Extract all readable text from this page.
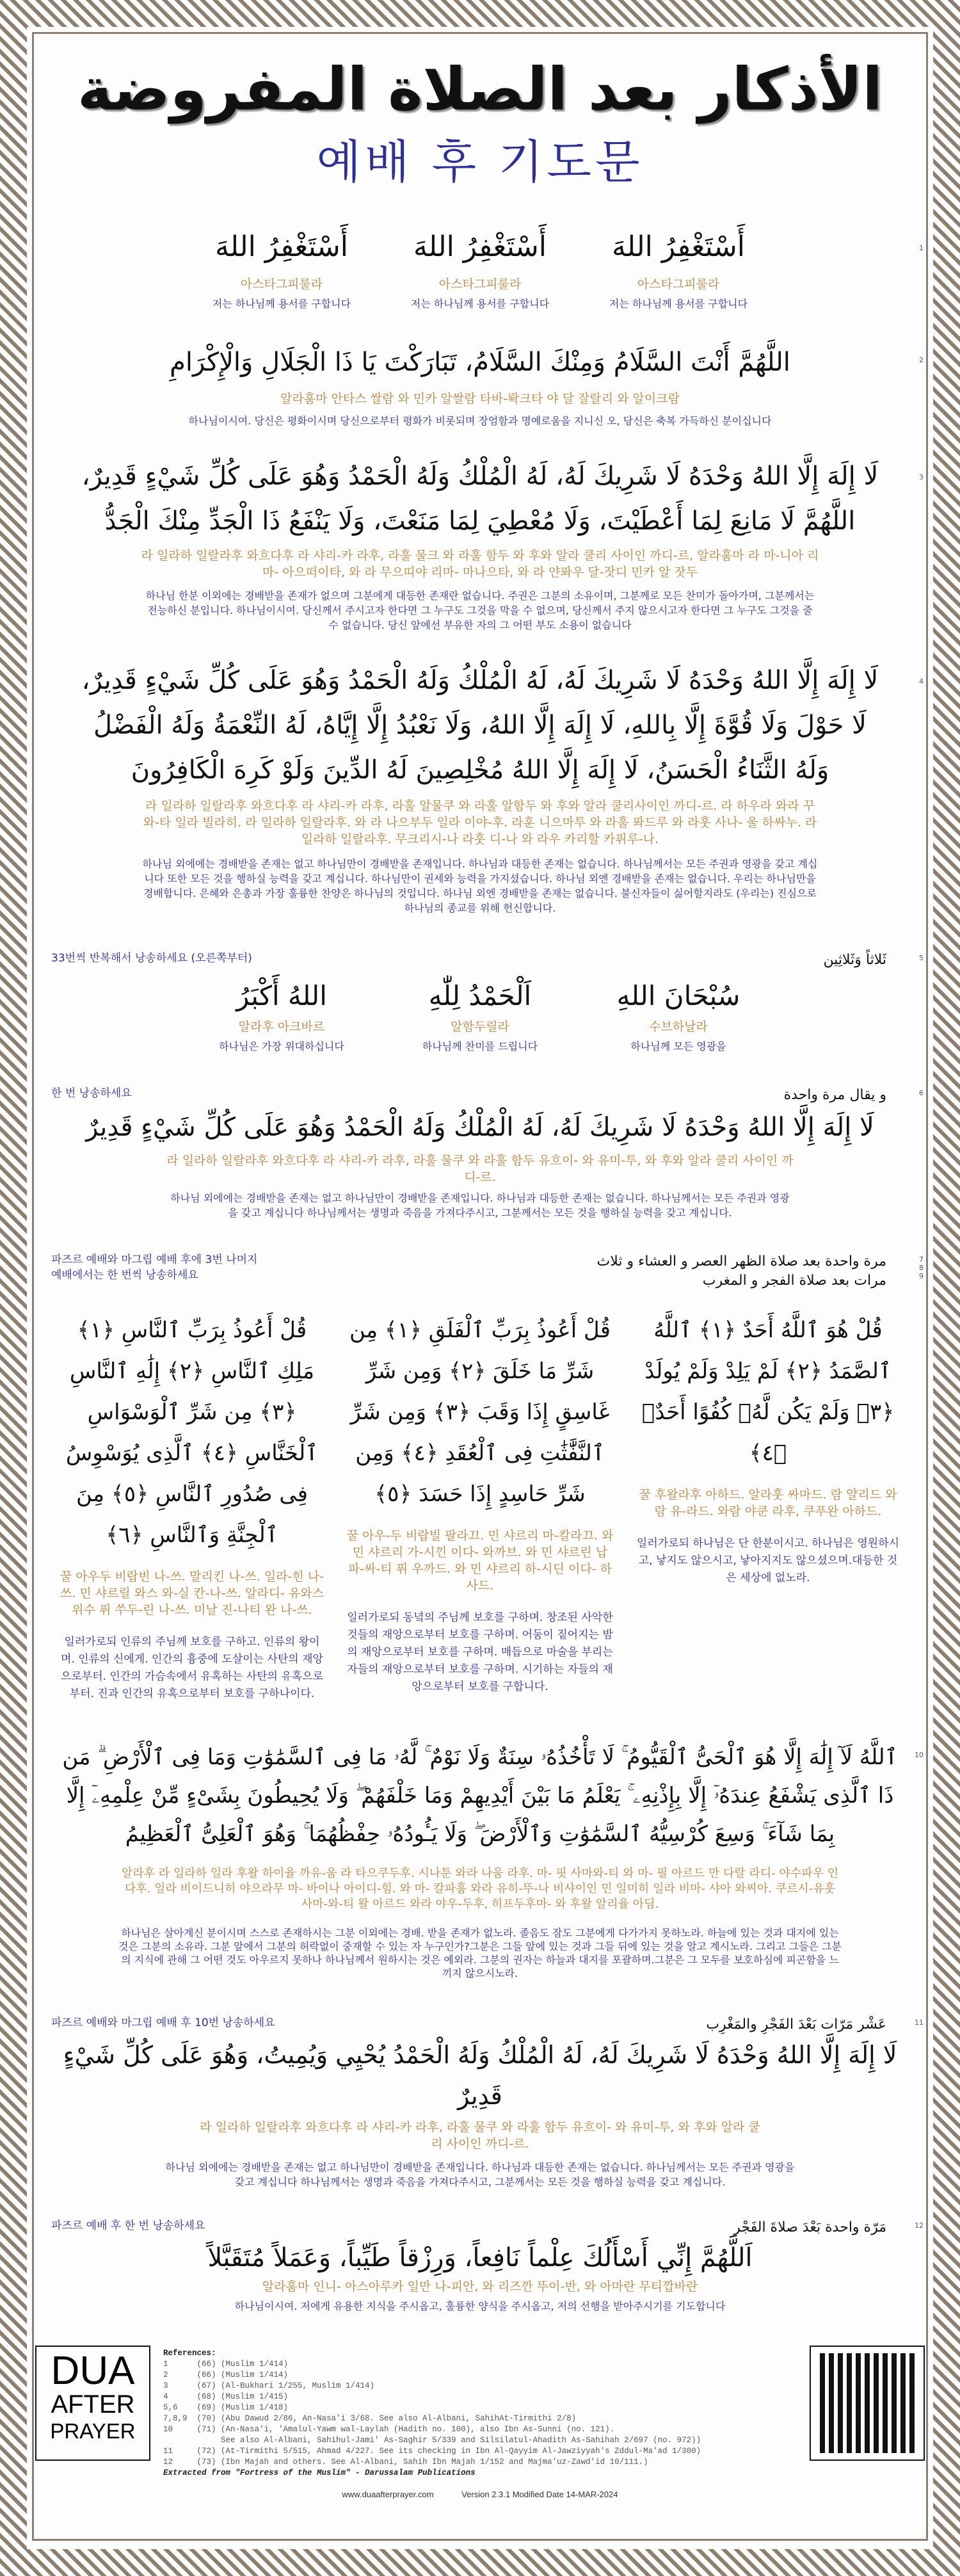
الأذكار بعد الصلاة المفروضة
예배 후 기도문
1
أَسْتَغْفِرُ اللهَ
아스타그피룰라
저는 하나님께 용서를 구합니다
أَسْتَغْفِرُ اللهَ
아스타그피룰라
저는 하나님께 용서를 구합니다
أَسْتَغْفِرُ اللهَ
아스타그피룰라
저는 하나님께 용서를 구합니다
2
اللَّهُمَّ أَنْتَ السَّلَامُ وَمِنْكَ السَّلَامُ، تَبَارَكْتَ يَا ذَا الْجَلَالِ وَالْإِكْرَامِ
알라훔마 안타스 쌀람 와 민카 알쌀람 타바-롹크타 야 달 잘랄리 와 알이크람
하나님이시여. 당신은 평화이시며 당신으로부터 평화가 비롯되며 장엄함과 명예로움을 지니신 오, 당신은 축복 가득하신 분이십니다
3
لَا إِلَهَ إِلَّا اللهُ وَحْدَهُ لَا شَرِيكَ لَهُ، لَهُ الْمُلْكُ وَلَهُ الْحَمْدُ وَهُوَ عَلَى كُلِّ شَيْءٍ قَدِيرٌ،
اللَّهُمَّ لَا مَانِعَ لِمَا أَعْطَيْتَ، وَلَا مُعْطِيَ لِمَا مَنَعْتَ، وَلَا يَنْفَعُ ذَا الْجَدِّ مِنْكَ الْجَدُّ
라 일라하 일랄라후 와흐다후 라 샤리-카 라후, 라훌 물크 와 라훌 함두 와 후와 알라 쿨리 사이인 까디-르, 알라훔마 라 마-니아 리마- 아으떠이타, 와 라 무으띠야 리마- 마나으타, 와 라 얀퐈우 달-잣디 민카 알 잣두
하나님 한분 이외에는 경배받을 존재가 없으며 그분에게 대등한 존재란 없습니다. 주권은 그분의 소유이며, 그분께로 모든 찬미가 돌아가며, 그분께서는 전능하신 분입니다. 하나님이시여. 당신께서 주시고자 한다면 그 누구도 그것을 막을 수 없으며, 당신께서 주지 않으시고자 한다면 그 누구도 그것을 줄 수 없습니다. 당신 앞에선 부유한 자의 그 어떤 부도 소용이 없습니다
4
لَا إِلَهَ إِلَّا اللهُ وَحْدَهُ لَا شَرِيكَ لَهُ، لَهُ الْمُلْكُ وَلَهُ الْحَمْدُ وَهُوَ عَلَى كُلِّ شَيْءٍ قَدِيرٌ،
لَا حَوْلَ وَلَا قُوَّةَ إِلَّا بِاللهِ، لَا إِلَهَ إِلَّا اللهُ، وَلَا نَعْبُدُ إِلَّا إِيَّاهُ، لَهُ النِّعْمَةُ وَلَهُ الْفَضْلُ
وَلَهُ الثَّنَاءُ الْحَسَنُ، لَا إِلَهَ إِلَّا اللهُ مُخْلِصِينَ لَهُ الدِّينَ وَلَوْ كَرِهَ الْكَافِرُونَ
라 일라하 일랄라후 와흐다후 라 샤리-카 라후, 라훌 알물쿠 와 라훌 알함두 와 후와 알라 쿨리사이인 까디-르. 라 하우라 와라 꾸와-타 일라 빌라히. 라 일라하 일랄라후. 와 라 나으부두 일라 이야-후. 라훈 니으마투 와 라훌 퐈드루 와 라훗 사나- 울 하싸누. 라 일라하 일랄라후. 무크리시-나 라훗 디-나 와 라우 카리할 카퓌루-나.
하나님 외에에는 경배받을 존재는 없고 하나님만이 경배받을 존재입니다. 하나님과 대등한 존재는 없습니다. 하나님께서는 모든 주권과 영광을 갖고 계십니다 또한 모든 것을 행하실 능력을 갖고 계십니다. 하나님만이 권세와 능력을 가지셨습니다. 하나님 외엔 경배받을 존재는 없습니다. 우리는 하나님만을 경배합니다. 은혜와 은총과 가장 훌륭한 찬양은 하나님의 것입니다. 하나님 외엔 경배받을 존재는 없습니다. 불신자들이 싫어할지라도 (우리는) 진심으로 하나님의 종교를 위해 헌신합니다.
5
33번씩 반복해서 낭송하세요 (오른쪽부터)	ثَلاثاً وَثَلاثِين
سُبْحَانَ اللهِ
수브하날라
하나님께 모든 영광을
اَلْحَمْدُ لِلّٰهِ
알함두릴라
하나님께 찬미를 드립니다
اللهُ أَكْبَرُ
알라후 아크바르
하나님은 가장 위대하십니다
6
한 번 낭송하세요	و يقال مرة واحدة
لَا إِلَهَ إِلَّا اللهُ وَحْدَهُ لَا شَرِيكَ لَهُ، لَهُ الْمُلْكُ وَلَهُ الْحَمْدُ وَهُوَ عَلَى كُلِّ شَيْءٍ قَدِيرٌ
라 일라하 일랄라후 와흐다후 라 샤리-카 라후, 라훌 물쿠 와 라훌 함두 유흐이- 와 유미-투, 와 후와 알라 쿨리 사이인 까디-르.
하나님 외에에는 경배받을 존재는 없고 하나님만이 경배받을 존재입니다. 하나님과 대등한 존재는 없습니다. 하나님께서는 모든 주권과 영광을 갖고 계십니다 하나님께서는 생명과 죽음을 가져다주시고, 그분께서는 모든 것을 행하실 능력을 갖고 계십니다.
7
8
9
파즈르 예배와 마그립 예배 후에 3번 나머지
예배에서는 한 번씩 낭송하세요
مرة واحدة بعد صلاة الظهر العصر و العشاء و ثلاث
مرات بعد صلاة الفجر و المغرب
قُلْ هُوَ ٱللَّهُ أَحَدٌ ﴿١﴾ ٱللَّهُ ٱلصَّمَدُ ﴿٢﴾ لَمْ يَلِدْ وَلَمْ يُولَدْ ﴿٣﴾ وَلَمْ يَكُن لَّهُۥ كُفُوًا أَحَدٌۢ ﴿٤﴾
꿀 후왈라후 아하드. 알라훗 싸마드. 람 얄리드 와람 유-라드. 와람 야쿤 라후, 쿠푸완 아하드.
일러가로되 하나님은 단 한분이시고. 하나님은 영원하시고, 낳지도 않으시고, 낳아지지도 않으셨으며.대등한 것은 세상에 없노라.
قُلْ أَعُوذُ بِرَبِّ ٱلْفَلَقِ ﴿١﴾ مِن شَرِّ مَا خَلَقَ ﴿٢﴾ وَمِن شَرِّ غَاسِقٍ إِذَا وَقَبَ ﴿٣﴾ وَمِن شَرِّ ٱلنَّفَّٰثَٰتِ فِى ٱلْعُقَدِ ﴿٤﴾ وَمِن شَرِّ حَاسِدٍ إِذَا حَسَدَ ﴿٥﴾
꿀 아우-두 비랍빌 팔라끄. 민 샤르리 마-칼라끄. 와 민 샤르리 가-시낀 이다- 와까브. 와 민 샤르린 납파-싸-티 퓌 우까드. 와 민 샤르리 하-시딘 이다- 하사드.
일러가로되 동녘의 주님께 보호를 구하며. 창조된 사악한 것들의 재앙으로부터 보호를 구하며. 어둠이 짙어지는 밤의 재앙으로부터 보호를 구하며. 매듭으로 마술을 부리는 자들의 재앙으로부터 보호를 구하며. 시기하는 자들의 재앙으로부터 보호를 구합니다.
قُلْ أَعُوذُ بِرَبِّ ٱلنَّاسِ ﴿١﴾ مَلِكِ ٱلنَّاسِ ﴿٢﴾ إِلَٰهِ ٱلنَّاسِ ﴿٣﴾ مِن شَرِّ ٱلْوَسْوَاسِ ٱلْخَنَّاسِ ﴿٤﴾ ٱلَّذِى يُوَسْوِسُ فِى صُدُورِ ٱلنَّاسِ ﴿٥﴾ مِنَ ٱلْجِنَّةِ وَٱلنَّاسِ ﴿٦﴾
꿀 아우두 비랍빈 나-쓰. 말리킨 나-쓰. 일라-힌 나-쓰. 민 샤르릴 와스 와-실 칸-나-쓰. 알라디- 유와스위수 퓌 쑤두-린 나-쓰. 미날 진-나티 완 나-쓰.
일러가로되 인류의 주님께 보호를 구하고. 인류의 왕이며. 인류의 신에게. 인간의 흉중에 도살이는 사탄의 재앙으로부터. 인간의 가슴속에서 유혹하는 사탄의 유혹으로부터. 진과 인간의 유혹으로부터 보호를 구하나이다.
10
ٱللَّهُ لَآ إِلَٰهَ إِلَّا هُوَ ٱلْحَىُّ ٱلْقَيُّومُ ۚ لَا تَأْخُذُهُۥ سِنَةٌ وَلَا نَوْمٌ ۚ لَّهُۥ مَا فِى ٱلسَّمَٰوَٰتِ وَمَا فِى ٱلْأَرْضِ ۗ مَن ذَا ٱلَّذِى يَشْفَعُ عِندَهُۥٓ إِلَّا بِإِذْنِهِۦ ۚ يَعْلَمُ مَا بَيْنَ أَيْدِيهِمْ وَمَا خَلْفَهُمْ ۖ وَلَا يُحِيطُونَ بِشَىْءٍ مِّنْ عِلْمِهِۦٓ إِلَّا بِمَا شَآءَ ۚ وَسِعَ كُرْسِيُّهُ ٱلسَّمَٰوَٰتِ وَٱلْأَرْضَ ۖ وَلَا يَـُٔودُهُۥ حِفْظُهُمَا ۚ وَهُوَ ٱلْعَلِىُّ ٱلْعَظِيمُ
알라후 라 일라하 일라 후왈 하이율 까유-움 라 타으쿠두후. 시나툰 와라 나움 라후. 마- 핏 사마와-티 와 마- 필 아르드 만 다랄 라디- 야수파우 인다후. 일라 비이드니히 야으라무 마- 바이나 아이디-힘. 와 마- 칼파훔 와라 유히-뚜-나 비샤이인 민 일미히 일라 비마- 샤아 와씨아. 쿠르시-유훗 사마-와-티 왈 아르드 와라 야우-두후, 히프두후마- 와 후왈 알리율 아딤.
하나님은 살아계신 분이시며 스스로 존재하시는 그분 이외에는 경배. 받을 존재가 없노라. 졸음도 잠도 그분에게 다가가지 못하노라. 하늘에 있는 것과 대지에 있는 것은 그분의 소유라. 그분 앞에서 그분의 허락없이 중재할 수 있는 자 누구인가?그분은 그들 앞에 있는 것과 그들 뒤에 있는 것을 알고 계시노라. 그리고 그들은 그분의 지식에 관해 그 어떤 것도 아우르지 못하나 하나님께서 원하시는 것은 예외라. 그분의 권자는 하늘과 대지를 포괄하며.그분은 그 모두를 보호하심에 피곤함을 느끼지 않으시노라.
11
파즈르 예배와 마그립 예배 후 10번 낭송하세요	عَشْر مَرّات بَعْدَ الفَجْرِ والمَغْرِب
لَا إِلَهَ إِلَّا اللهُ وَحْدَهُ لَا شَرِيكَ لَهُ، لَهُ الْمُلْكُ وَلَهُ الْحَمْدُ يُحْيِي وَيُمِيتُ، وَهُوَ عَلَى كُلِّ شَيْءٍ قَدِيرٌ
라 일라하 일랄라후 와흐다후 라 샤리-카 라후, 라훌 물쿠 와 라훌 함두 유흐이- 와 유미-투, 와 후와 알라 쿨리 사이인 까디-르.
하나님 외에에는 경배받을 존재는 없고 하나님만이 경배받을 존재입니다. 하나님과 대등한 존재는 없습니다. 하나님께서는 모든 주권과 영광을 갖고 계십니다 하나님께서는 생명과 죽음을 가져다주시고, 그분께서는 모든 것을 행하실 능력을 갖고 계십니다.
12
파즈르 예배 후 한 번 낭송하세요	مَرّة واحدة بَعْدَ صلاةَ الفَجْر
اَللَّهُمَّ إِنِّي أَسْأَلُكَ عِلْماً نَافِعاً، وَرِزْقاً طَيِّباً، وَعَمَلاً مُتَقَبَّلاً
알라훔마 인니- 아스아루카 일만 나-피안, 와 리즈깐 뚜이-반, 와 아마란 무티깝바란
하나님이시여. 저에게 유용한 지식을 주시옵고, 훌륭한 양식을 주시옵고, 저의 선행을 받아주시기를 기도합니다
DUA
AFTER
PRAYER
References:
1      (66) (Muslim 1/414)
2      (66) (Muslim 1/414)
3      (67) (Al-Bukhari 1/255, Muslim 1/414)
4      (68) (Muslim 1/415)
5,6    (69) (Muslim 1/418)
7,8,9  (70) (Abu Dawud 2/86, An-Nasa'i 3/68. See also Al-Albani, SahihAt-Tirmithi 2/8)
10     (71) (An-Nasa'i, 'Amalul-Yawm wal-Laylah (Hadith no. 100), also Ibn As-Sunni (no. 121).
See also Al-Albani, Sahihul-Jami' As-Saghir 5/339 and Silsilatul-Ahadith As-Sahihah 2/697 (no. 972))
11     (72) (At-Tirmithi 5/515, Ahmad 4/227. See its checking in Ibn Al-Qayyim Al-Jawziyyah's Zddul-Ma'ad 1/300)
12     (73) (Ibn Majah and others. See Al-Albani, Sahih Ibn Majah 1/152 and Majma'uz-Zawd'id 10/111.)
Extracted from "Fortress of the Muslim" - Darussalam Publications
www.duaafterprayer.com	Version 2.3.1 Modified Date 14-MAR-2024
